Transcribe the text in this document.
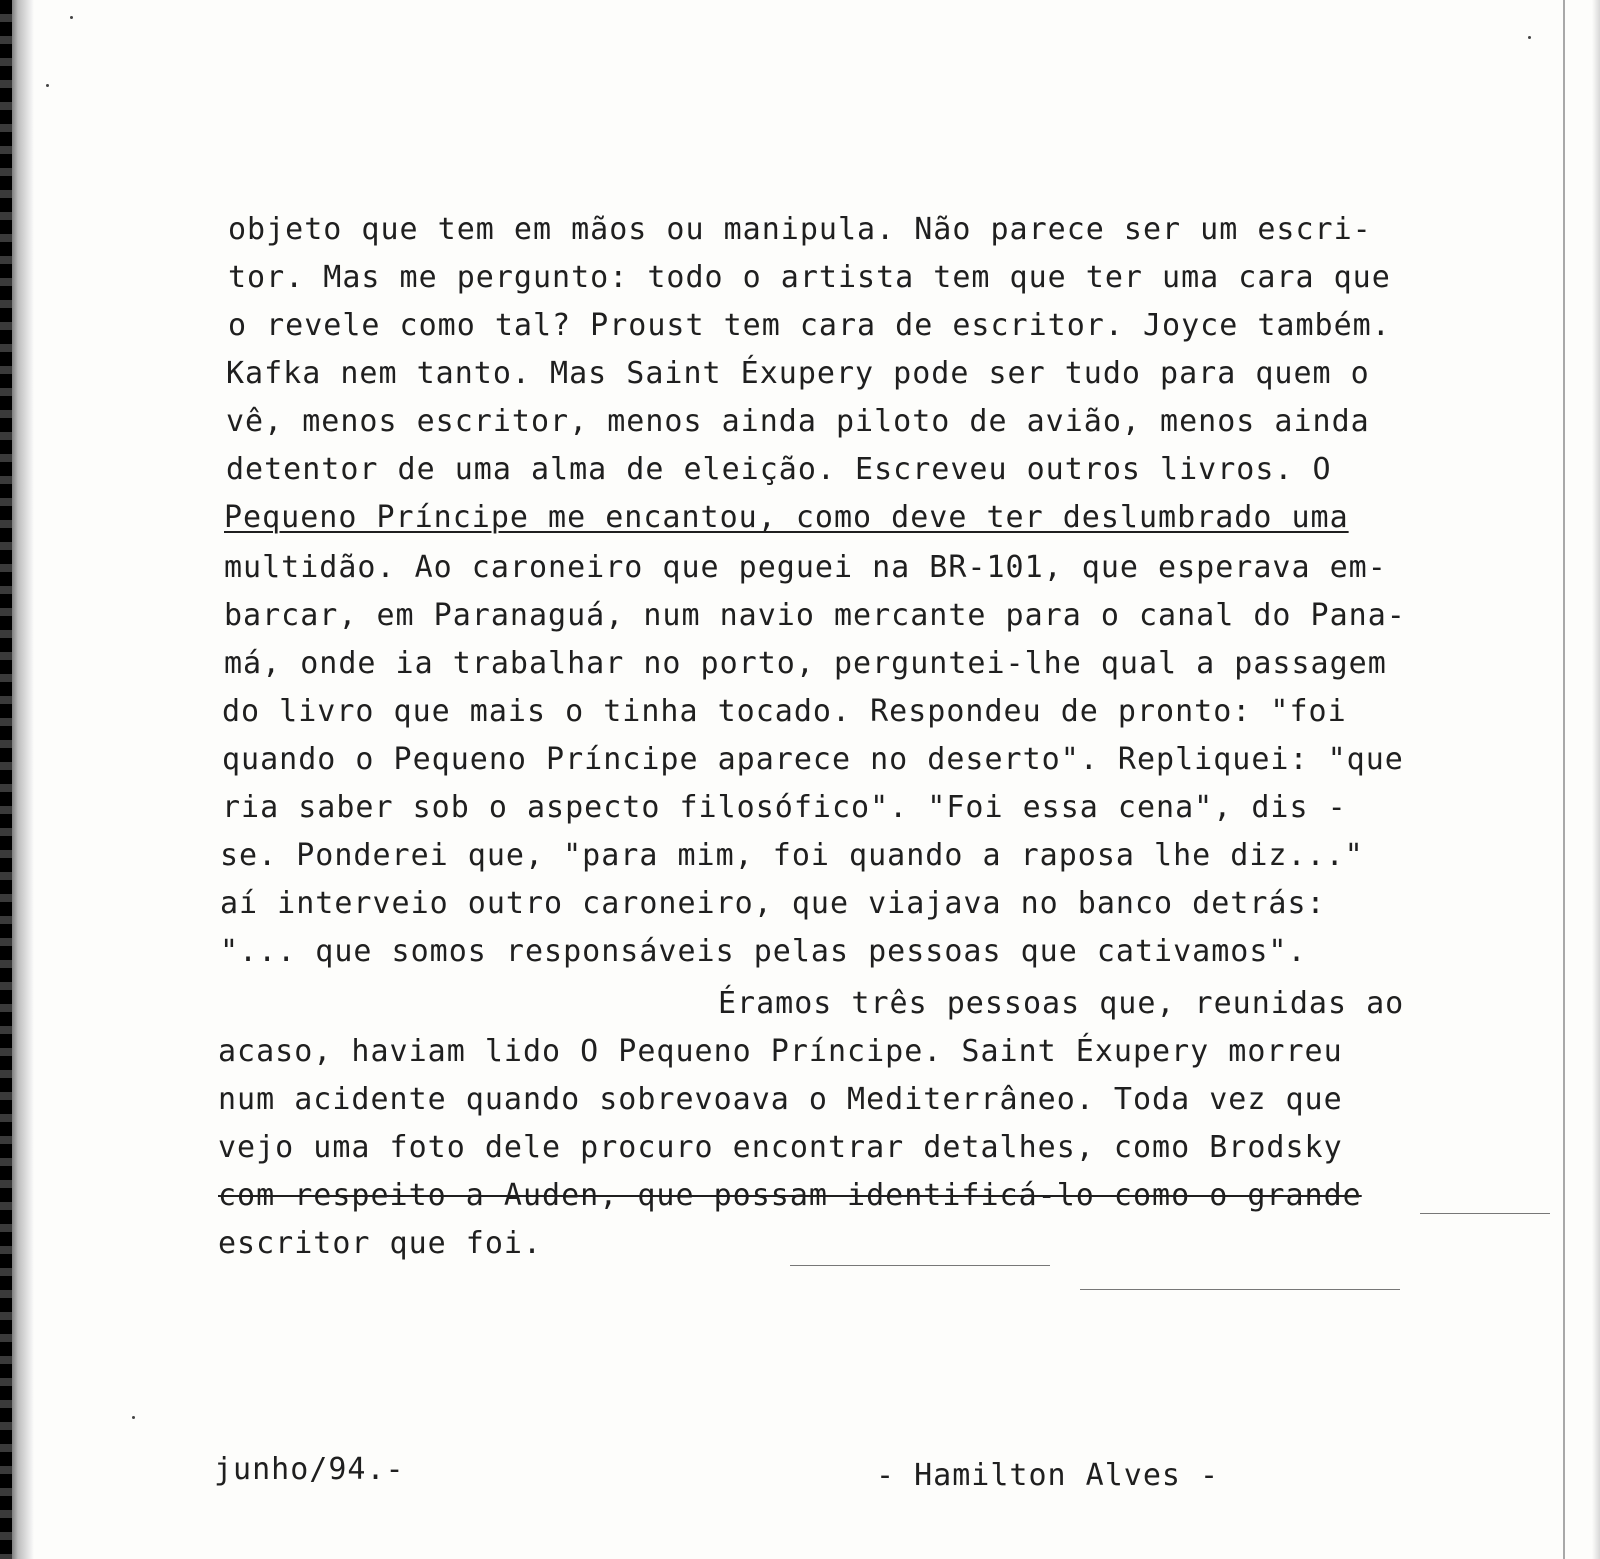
objeto que tem em mãos ou manipula. Não parece ser um escri-
tor. Mas me pergunto: todo o artista tem que ter uma cara que
o revele como tal? Proust tem cara de escritor. Joyce também.
Kafka nem tanto. Mas Saint Éxupery pode ser tudo para quem o
vê, menos escritor, menos ainda piloto de avião, menos ainda
detentor de uma alma de eleição. Escreveu outros livros. O
Pequeno Príncipe me encantou, como deve ter deslumbrado uma
multidão. Ao caroneiro que peguei na BR-101, que esperava em-
barcar, em Paranaguá, num navio mercante para o canal do Pana-
má, onde ia trabalhar no porto, perguntei-lhe qual a passagem
do livro que mais o tinha tocado. Respondeu de pronto: "foi
quando o Pequeno Príncipe aparece no deserto". Repliquei: "que
ria saber sob o aspecto filosófico". "Foi essa cena", dis -
se. Ponderei que, "para mim, foi quando a raposa lhe diz..."
aí interveio outro caroneiro, que viajava no banco detrás:
"... que somos responsáveis pelas pessoas que cativamos".
Éramos três pessoas que, reunidas ao
acaso, haviam lido O Pequeno Príncipe. Saint Éxupery morreu
num acidente quando sobrevoava o Mediterrâneo. Toda vez que
vejo uma foto dele procuro encontrar detalhes, como Brodsky
com respeito a Auden, que possam identificá-lo como o grande
escritor que foi.
junho/94.-	- Hamilton Alves -
